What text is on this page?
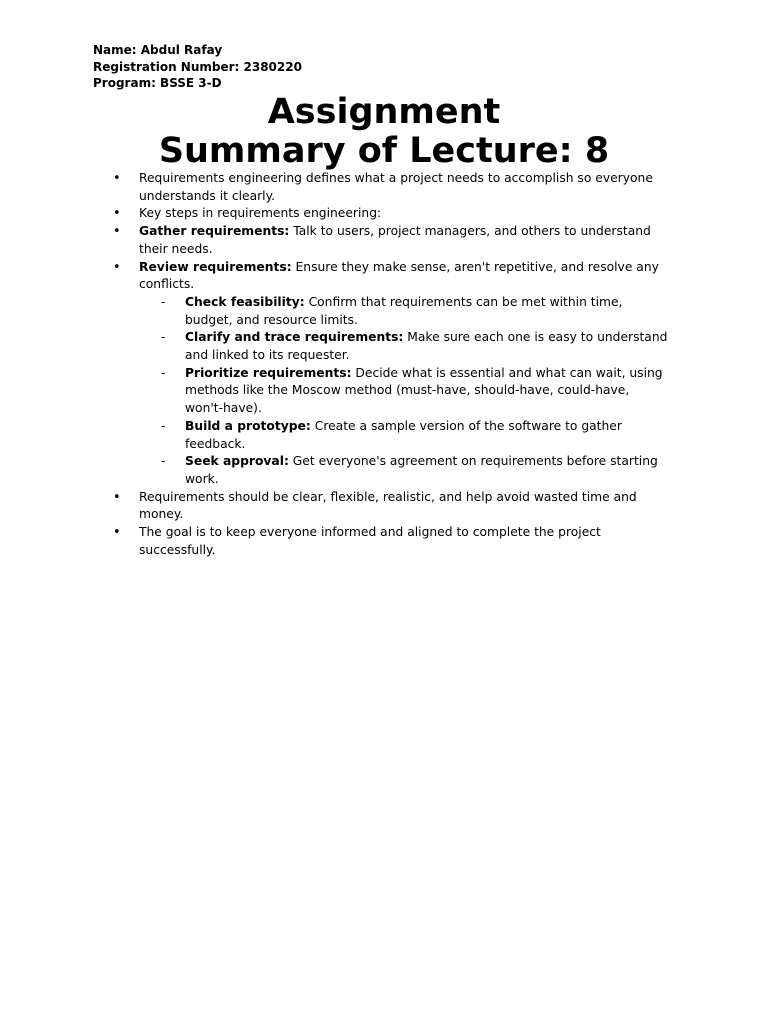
Name: Abdul Rafay
Registration Number: 2380220
Program: BSSE 3-D
Assignment
Summary of Lecture: 8

• Requirements engineering defines what a project needs to accomplish so everyone understands it clearly.

• Key steps in requirements engineering:

• Gather requirements: Talk to users, project managers, and others to understand their needs.

• Review requirements: Ensure they make sense, aren't repetitive, and resolve any conflicts.

- Check feasibility: Confirm that requirements can be met within time, budget, and resource limits.

- Clarify and trace requirements: Make sure each one is easy to understand and linked to its requester.

- Prioritize requirements: Decide what is essential and what can wait, using methods like the Moscow method (must-have, should-have, could-have, won't-have).

- Build a prototype: Create a sample version of the software to gather feedback.

- Seek approval: Get everyone's agreement on requirements before starting work.

• Requirements should be clear, flexible, realistic, and help avoid wasted time and money.

• The goal is to keep everyone informed and aligned to complete the project successfully.
